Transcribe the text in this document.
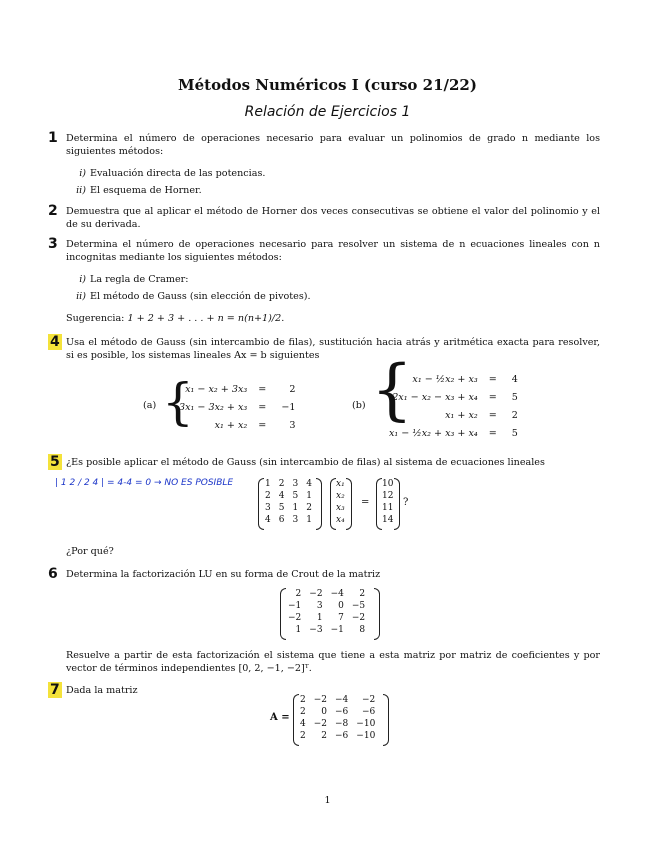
Métodos Numéricos I (curso 21/22)
Relación de Ejercicios 1
1 Determina el número de operaciones necesario para evaluar un polinomios de grado n mediante los siguientes métodos:
i) Evaluación directa de las potencias.
ii) El esquema de Horner.
2 Demuestra que al aplicar el método de Horner dos veces consecutivas se obtiene el valor del polinomio y el de su derivada.
3 Determina el número de operaciones necesario para resolver un sistema de n ecuaciones lineales con n incognitas mediante los siguientes métodos:
i) La regla de Cramer:
ii) El método de Gauss (sin elección de pivotes).
Sugerencia: 1 + 2 + 3 + . . . + n = n(n+1)/2.
4 Usa el método de Gauss (sin intercambio de filas), sustitución hacia atrás y aritmética exacta para resolver, si es posible, los sistemas lineales Ax = b siguientes
(a) {
x₁ − x₂ + 3x₃	=	2
3x₁ − 3x₂ + x₃	=	−1
x₁ + x₂	=	3
(b) { x₁ − ½x₂ + x₃	=	4
2x₁ − x₂ − x₃ + x₄	=	5
x₁ + x₂	=	2
x₁ − ½x₂ + x₃ + x₄	=	5
5 ¿Es posible aplicar el método de Gauss (sin intercambio de filas) al sistema de ecuaciones lineales
| 1 2 / 2 4 | = 4-4 = 0 → NO ES POSIBLE	1	2	3	4
2	4	5	1
3	5	1	2
4	6	3	1
x₁
x₂
x₃
x₄
=
10
12
11
14
?
¿Por qué?
6 Determina la factorización LU en su forma de Crout de la matriz
2	−2	−4	2
−1	3	0	−5
−2	1	7	−2
1	−3	−1	8
Resuelve a partir de esta factorización el sistema que tiene a esta matriz por matriz de coeficientes y por vector de términos independientes [0, 2, −1, −2]ᵀ.
7 Dada la matriz
A =
2	−2	−4	−2
2	0	−6	−6
4	−2	−8	−10
2	2	−6	−10
1
